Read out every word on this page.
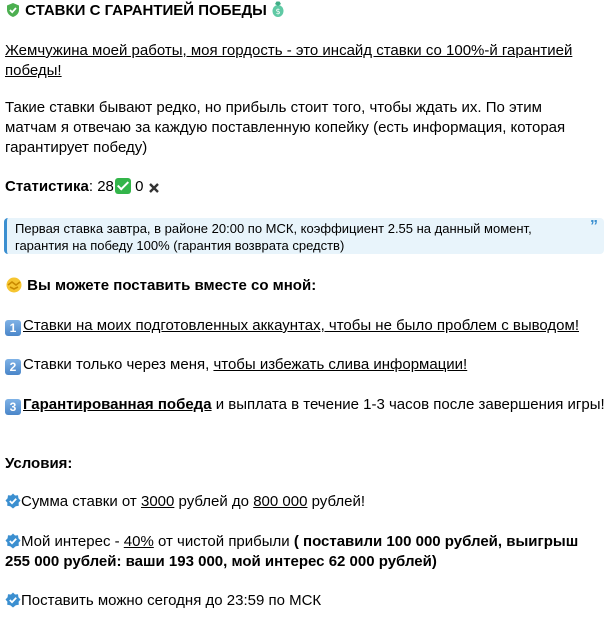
СТАВКИ С ГАРАНТИЕЙ ПОБЕДЫ $
Жемчужина моей работы, моя гордость - это инсайд ставки со 100%-й гарантией
победы!
Такие ставки бывают редко, но прибыль стоит того, чтобы ждать их. По этим
матчам я отвечаю за каждую поставленную копейку (есть информация, которая
гарантирует победу)
Статистика: 28 0
Первая ставка завтра, в районе 20:00 по МСК, коэффициент 2.55 на данный момент,
гарантия на победу 100% (гарантия возврата средств)
”
Вы можете поставить вместе со мной:
1 Ставки на моих подготовленных аккаунтах, чтобы не было проблем с выводом!
2 Ставки только через меня, чтобы избежать слива информации!
3 Гарантированная победа и выплата в течение 1-3 часов после завершения игры!
Условия:
Сумма ставки от 3000 рублей до 800 000 рублей!
Мой интерес - 40% от чистой прибыли ( поставили 100 000 рублей, выигрыш
255 000 рублей: ваши 193 000, мой интерес 62 000 рублей)
Поставить можно сегодня до 23:59 по МСК
